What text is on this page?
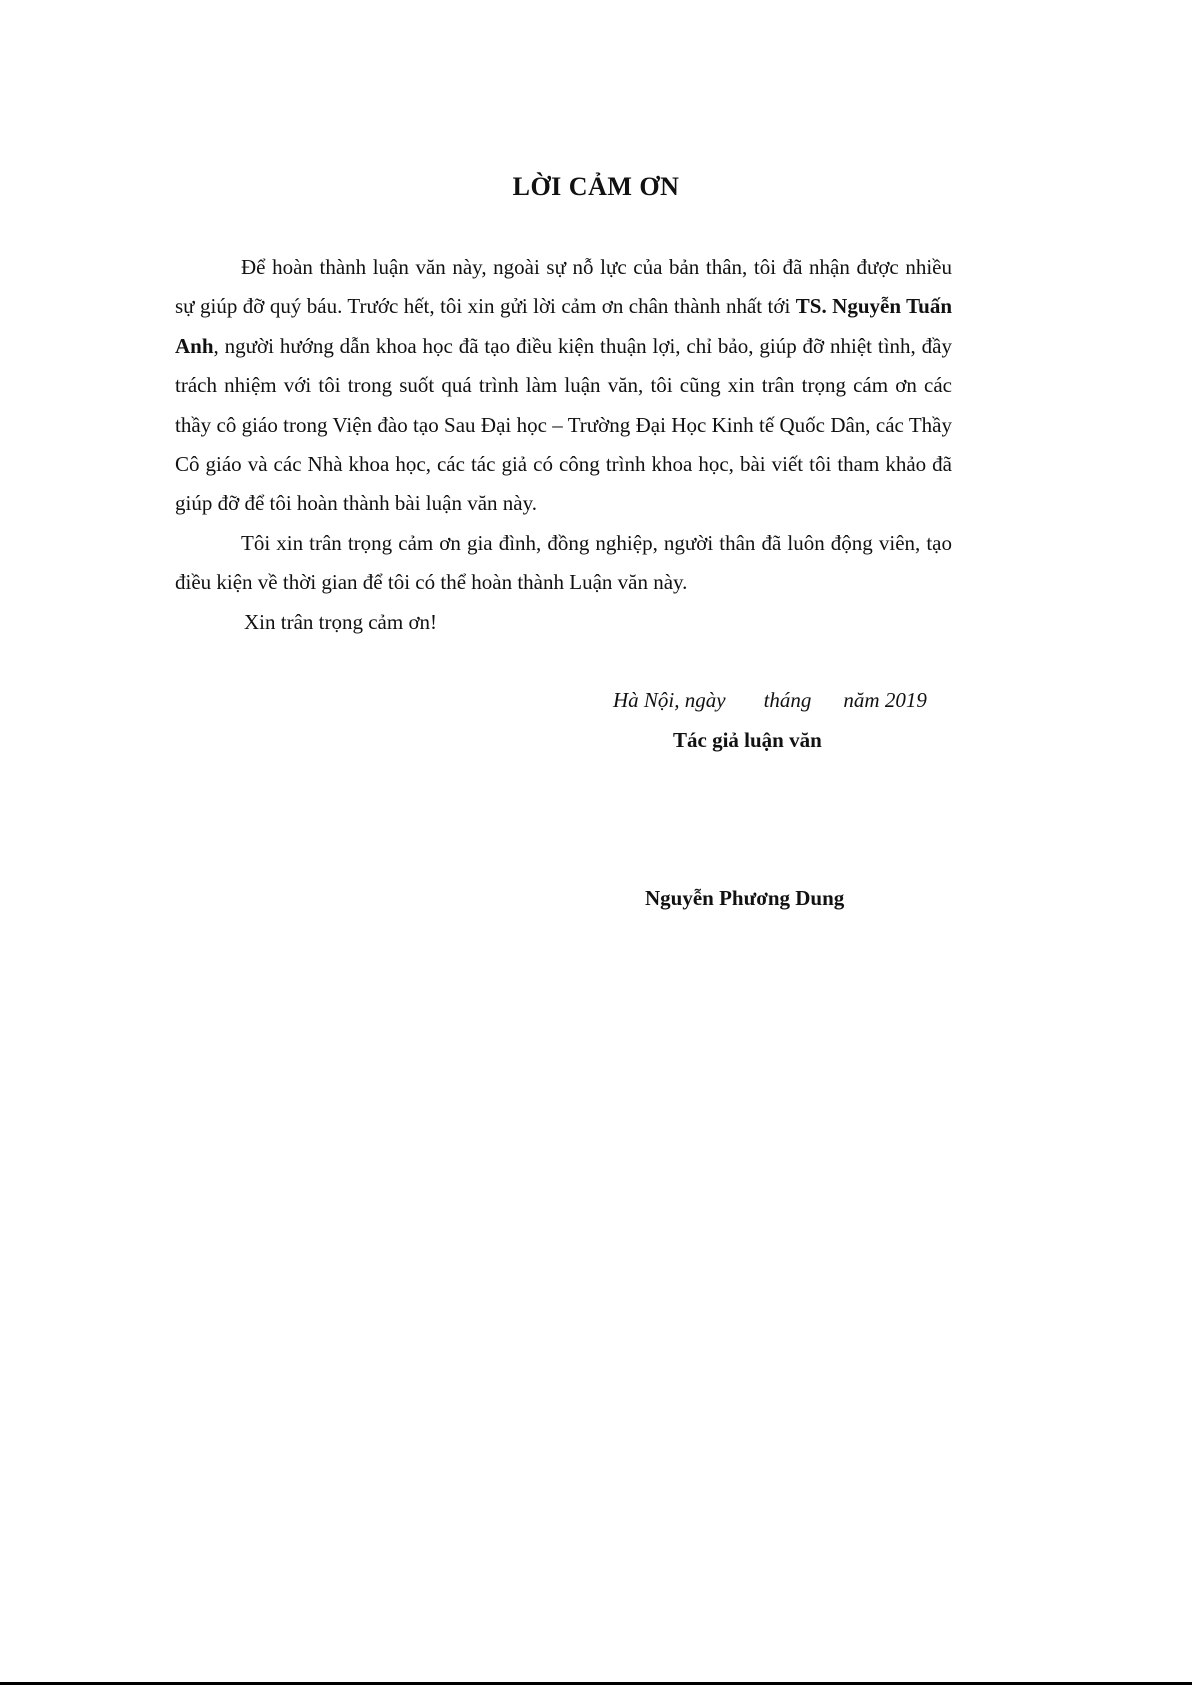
LỜI CẢM ƠN

Để hoàn thành luận văn này, ngoài sự nỗ lực của bản thân, tôi đã nhận được nhiều sự giúp đỡ quý báu. Trước hết, tôi xin gửi lời cảm ơn chân thành nhất tới TS. Nguyễn Tuấn Anh, người hướng dẫn khoa học đã tạo điều kiện thuận lợi, chỉ bảo, giúp đỡ nhiệt tình, đầy trách nhiệm với tôi trong suốt quá trình làm luận văn, tôi cũng xin trân trọng cám ơn các thầy cô giáo trong Viện đào tạo Sau Đại học – Trường Đại Học Kinh tế Quốc Dân, các Thầy Cô giáo và các Nhà khoa học, các tác giả có công trình khoa học, bài viết tôi tham khảo đã giúp đỡ để tôi hoàn thành bài luận văn này.

Tôi xin trân trọng cảm ơn gia đình, đồng nghiệp, người thân đã luôn động viên, tạo điều kiện về thời gian để tôi có thể hoàn thành Luận văn này.

Xin trân trọng cảm ơn!

Hà Nội, ngày tháng năm 2019
Tác giả luận văn
Nguyễn Phương Dung
